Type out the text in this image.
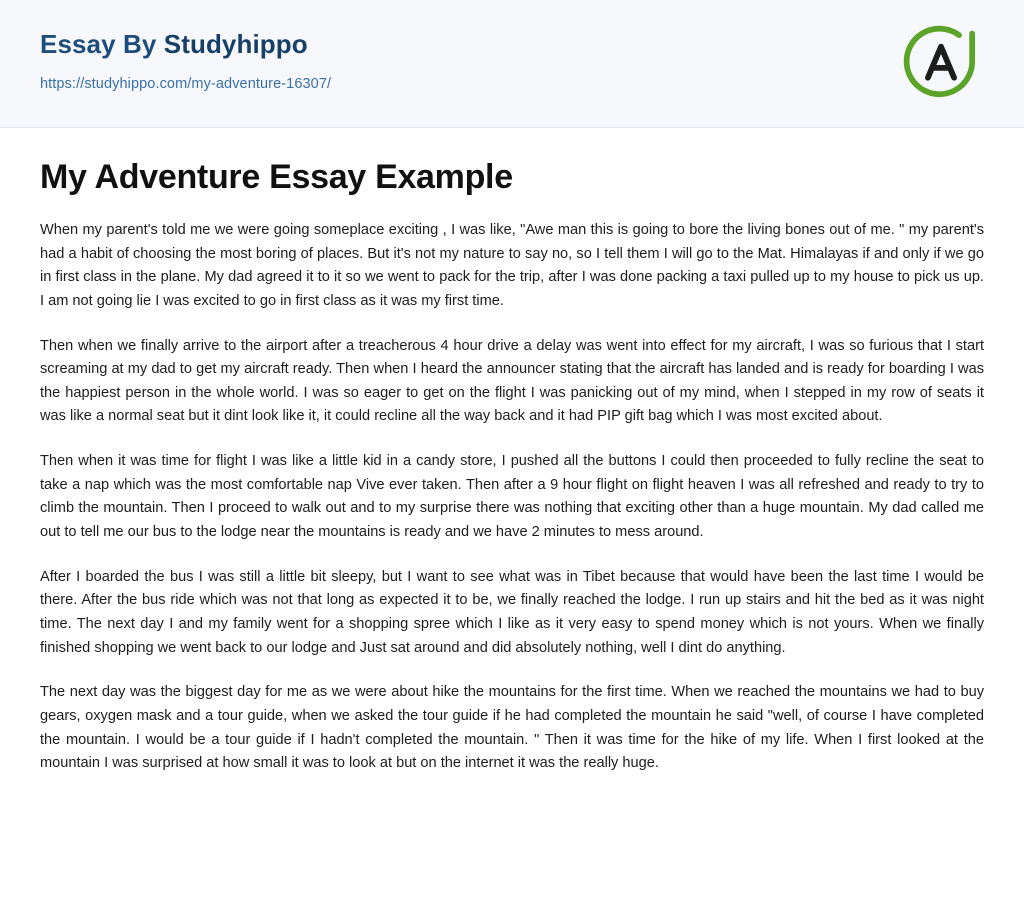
Essay By Studyhippo
https://studyhippo.com/my-adventure-16307/
My Adventure Essay Example

When my parent's told me we were going someplace exciting , I was like, "Awe man this is going to bore the living bones out of me. " my parent's had a habit of choosing the most boring of places. But it's not my nature to say no, so I tell them I will go to the Mat. Himalayas if and only if we go in first class in the plane. My dad agreed it to it so we went to pack for the trip, after I was done packing a taxi pulled up to my house to pick us up. I am not going lie I was excited to go in first class as it was my first time.

Then when we finally arrive to the airport after a treacherous 4 hour drive a delay was went into effect for my aircraft, I was so furious that I start screaming at my dad to get my aircraft ready. Then when I heard the announcer stating that the aircraft has landed and is ready for boarding I was the happiest person in the whole world. I was so eager to get on the flight I was panicking out of my mind, when I stepped in my row of seats it was like a normal seat but it dint look like it, it could recline all the way back and it had PIP gift bag which I was most excited about.

Then when it was time for flight I was like a little kid in a candy store, I pushed all the buttons I could then proceeded to fully recline the seat to take a nap which was the most comfortable nap Vive ever taken. Then after a 9 hour flight on flight heaven I was all refreshed and ready to try to climb the mountain. Then I proceed to walk out and to my surprise there was nothing that exciting other than a huge mountain. My dad called me out to tell me our bus to the lodge near the mountains is ready and we have 2 minutes to mess around.

After I boarded the bus I was still a little bit sleepy, but I want to see what was in Tibet because that would have been the last time I would be there. After the bus ride which was not that long as expected it to be, we finally reached the lodge. I run up stairs and hit the bed as it was night time. The next day I and my family went for a shopping spree which I like as it very easy to spend money which is not yours. When we finally finished shopping we went back to our lodge and Just sat around and did absolutely nothing, well I dint do anything.

The next day was the biggest day for me as we were about hike the mountains for the first time. When we reached the mountains we had to buy gears, oxygen mask and a tour guide, when we asked the tour guide if he had completed the mountain he said "well, of course I have completed the mountain. I would be a tour guide if I hadn't completed the mountain. " Then it was time for the hike of my life. When I first looked at the mountain I was surprised at how small it was to look at but on the internet it was the really huge.
